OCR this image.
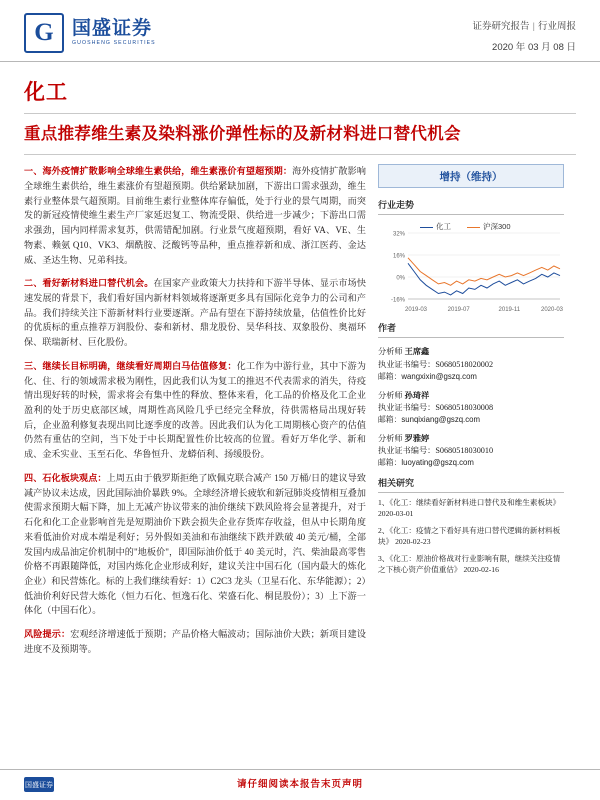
G 国盛证券
GUOSHENG SECURITIES
证券研究报告 | 行业周报
2020 年 03 月 08 日
化工
重点推荐维生素及染料涨价弹性标的及新材料进口替代机会
一、海外疫情扩散影响全球维生素供给，维生素涨价有望超预期：海外疫情扩散影响全球维生素供给，维生素涨价有望超预期。供给紧缺加剧，下游出口需求强劲，维生素行业整体景气超预期。目前维生素行业整体库存偏低，处于行业的景气周期，而突发的新冠疫情使维生素生产厂家延迟复工、物流受限、供给进一步减少；下游出口需求强劲，国内同样需求复苏，供需错配加剧。行业景气度超预期，看好 VA、VE、生物素、赖氨 Q10、VK3、烟酰胺、泛酸钙等品种，重点推荐新和成、浙江医药、金达威、圣达生物、兄弟科技。
二、看好新材料进口替代机会。在国家产业政策大力扶持和下游半导体、显示市场快速发展的背景下，我们看好国内新材料领域将逐渐更多具有国际化竞争力的公司和产品。我们持续关注下游新材料行业要逐渐。产品有望在下游持续放量，估值性价比好的优质标的重点推荐万润股份、泰和新材、鼎龙股份、昊华科技、双象股份、奥福环保、联瑞新材、巨化股份。
三、继续长目标明确，继续看好周期白马估值修复：化工作为中游行业，其中下游为化、住、行的领域需求极为刚性，因此我们认为复工的推迟不代表需求的消失，待疫情出现好转的时候，需求将会有集中性的释放、整体来看，化工品的价格及化工企业盈利的处于历史底部区域，周期性高风险几乎已经完全释放，待供需格局出现好转后，企业盈利修复表现出同比逐季度的改善。因此我们认为化工周期核心资产的估值仍然有重估的空间，当下处于中长期配置性价比较高的位置。看好万华化学、新和成、金禾实业、玉至石化、华鲁恒升、龙蟒佰利、扬缓股份。
四、石化板块观点：上周五由于俄罗斯拒绝了欧佩克联合减产 150 万桶/日的建议导致减产协议未达成，因此国际油价暴跌 9%。全球经济增长疲软和新冠肺炎疫情相互叠加使需求预期大幅下降，加上无减产协议带来的油价继续下跌风险将会显著提升，对于石化和化工企业影响首先是短期油价下跌会损失企业存货库存收益，但从中长期角度来看低油价对成本端是利好；另外假如美油和布油继续下跌并跌破 40 美元/桶，全部发国内成品油定价机制中的"地板价"，即国际油价低于 40 美元时，汽、柴油最高零售价格不再跟随降低，对国内炼化企业形成利好，建议关注中国石化（国内最大的炼化企业）和民营炼化。标的上我们继续看好：1）C2C3 龙头（卫星石化、东华能源）；2）低油价利好民营大炼化（恒力石化、恒逸石化、荣盛石化、桐昆股份）；3）上下游一体化（中国石化）。
风险提示：宏观经济增速低于预期；产品价格大幅波动；国际油价大跌；新项目建设进度不及预期等。
增持（维持）
行业走势
化工	沪深300
32%
16%
0%
-16%
2019-03	2019-07	2019-11	2020-03
作者
分析师 王席鑫
执业证书编号：S0680518020002
邮箱：wangxixin@gszq.com
分析师 孙琦祥
执业证书编号：S0680518030008
邮箱：sunqixiang@gszq.com
分析师 罗雅婷
执业证书编号：S0680518030010
邮箱：luoyating@gszq.com
相关研究
1、《化工：继续看好新材料进口替代及和维生素板块》 2020-03-01
2、《化工：疫情之下看好具有进口替代逻辑的新材料板块》 2020-02-23
3、《化工：原油价格战对行业影响有限，继续关注疫情之下核心资产价值重估》 2020-02-16
国盛证券	请仔细阅读本报告末页声明
